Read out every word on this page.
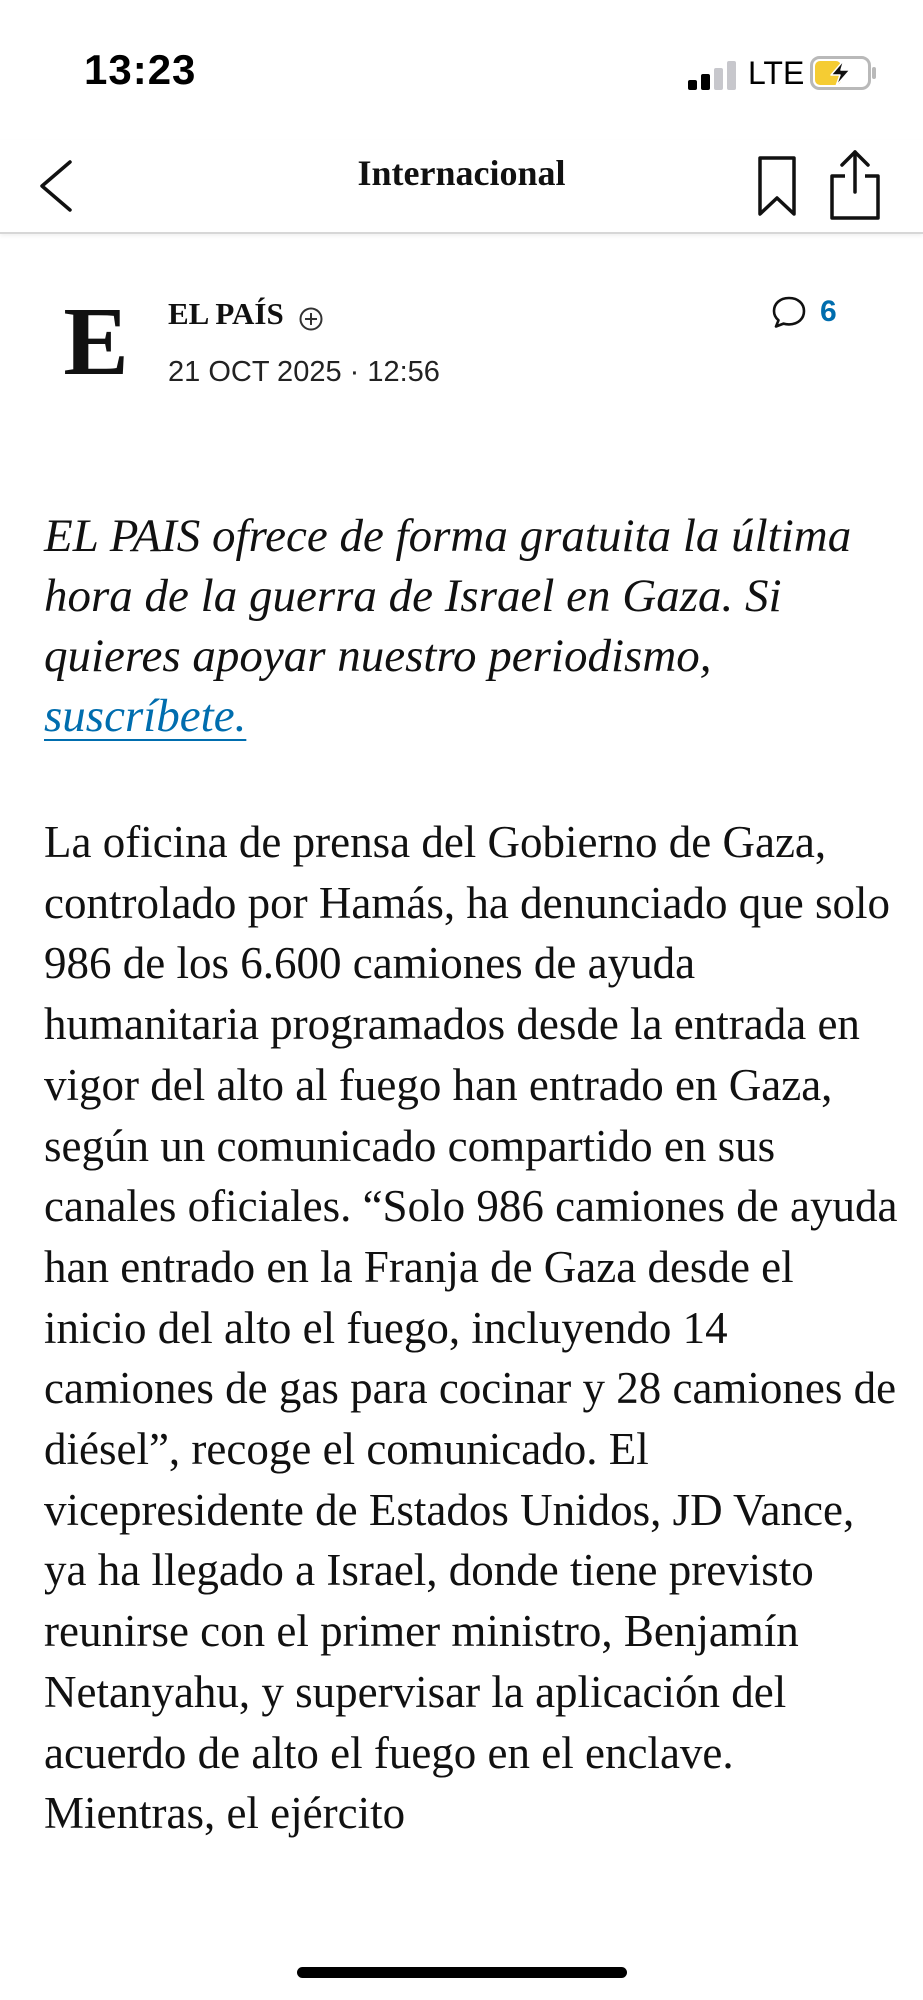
13:23	LTE
Internacional
E EL PAÍS
21 OCT 2025 · 12:56
6

EL PAIS ofrece de forma gratuita la última hora de la guerra de Israel en Gaza. Si quieres apoyar nuestro periodismo, suscríbete.

La oficina de prensa del Gobierno de Gaza, controlado por Hamás, ha denunciado que solo 986 de los 6.600 camiones de ayuda humanitaria programados desde la entrada en vigor del alto al fuego han entrado en Gaza, según un comunicado compartido en sus canales oficiales. “Solo 986 camiones de ayuda han entrado en la Franja de Gaza desde el inicio del alto el fuego, incluyendo 14 camiones de gas para cocinar y 28 camiones de diésel”, recoge el comunicado. El vicepresidente de Estados Unidos, JD Vance, ya ha llegado a Israel, donde tiene previsto reunirse con el primer ministro, Benjamín Netanyahu, y supervisar la aplicación del acuerdo de alto el fuego en el enclave. Mientras, el ejército
